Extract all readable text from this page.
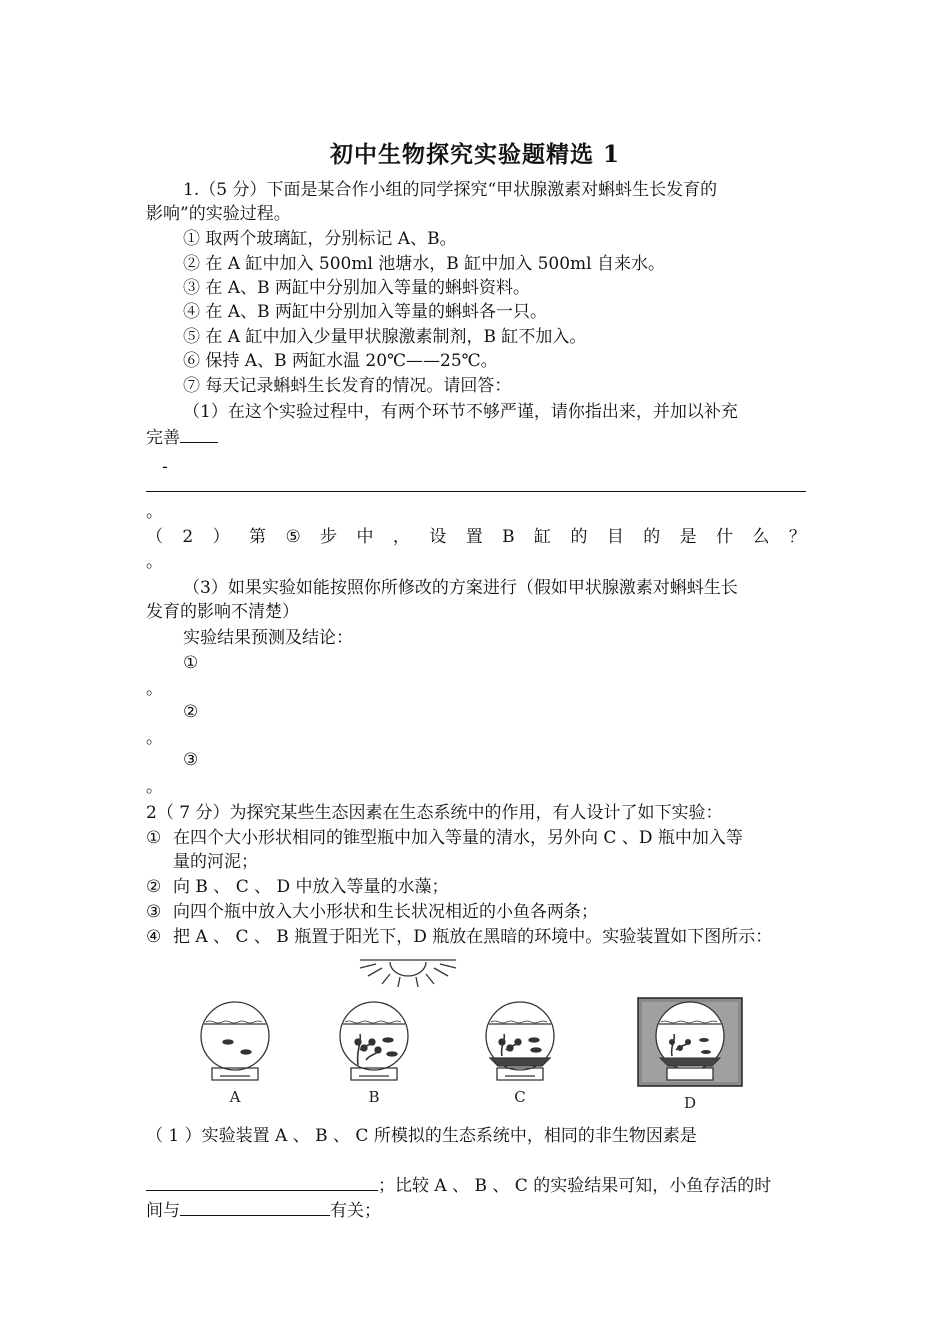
初中生物探究实验题精选 1
1.（5 分）下面是某合作小组的同学探究“甲状腺激素对蝌蚪生长发育的
影响”的实验过程。
① 取两个玻璃缸，分别标记 A、B。
② 在 A 缸中加入 500ml 池塘水，B 缸中加入 500ml 自来水。
③ 在 A、B 两缸中分别加入等量的蝌蚪资料。
④ 在 A、B 两缸中分别加入等量的蝌蚪各一只。
⑤ 在 A 缸中加入少量甲状腺激素制剂，B 缸不加入。
⑥ 保持 A、B 两缸水温 20℃——25℃。
⑦ 每天记录蝌蚪生长发育的情况。请回答：
（1）在这个实验过程中，有两个环节不够严谨，请你指出来，并加以补充
完善
-
。
（ 2 ） 第 ⑤ 步 中 ， 设 置 B 缸 的 目 的 是 什 么 ？
。
（3）如果实验如能按照你所修改的方案进行（假如甲状腺激素对蝌蚪生长
发育的影响不清楚）
实验结果预测及结论：
①
。
②
。
③
。
2（ 7 分）为探究某些生态因素在生态系统中的作用，有人设计了如下实验：
① 在四个大小形状相同的锥型瓶中加入等量的清水，另外向 C 、D 瓶中加入等
量的河泥；
② 向 B 、 C 、 D 中放入等量的水藻；
③ 向四个瓶中放入大小形状和生长状况相近的小鱼各两条；
④ 把 A 、 C 、 B 瓶置于阳光下，D 瓶放在黑暗的环境中。实验装置如下图所示：
A	B	C	D
（ 1 ）实验装置 A 、 B 、 C 所模拟的生态系统中，相同的非生物因素是
；比较 A 、 B 、 C 的实验结果可知，小鱼存活的时
间与	有关；
